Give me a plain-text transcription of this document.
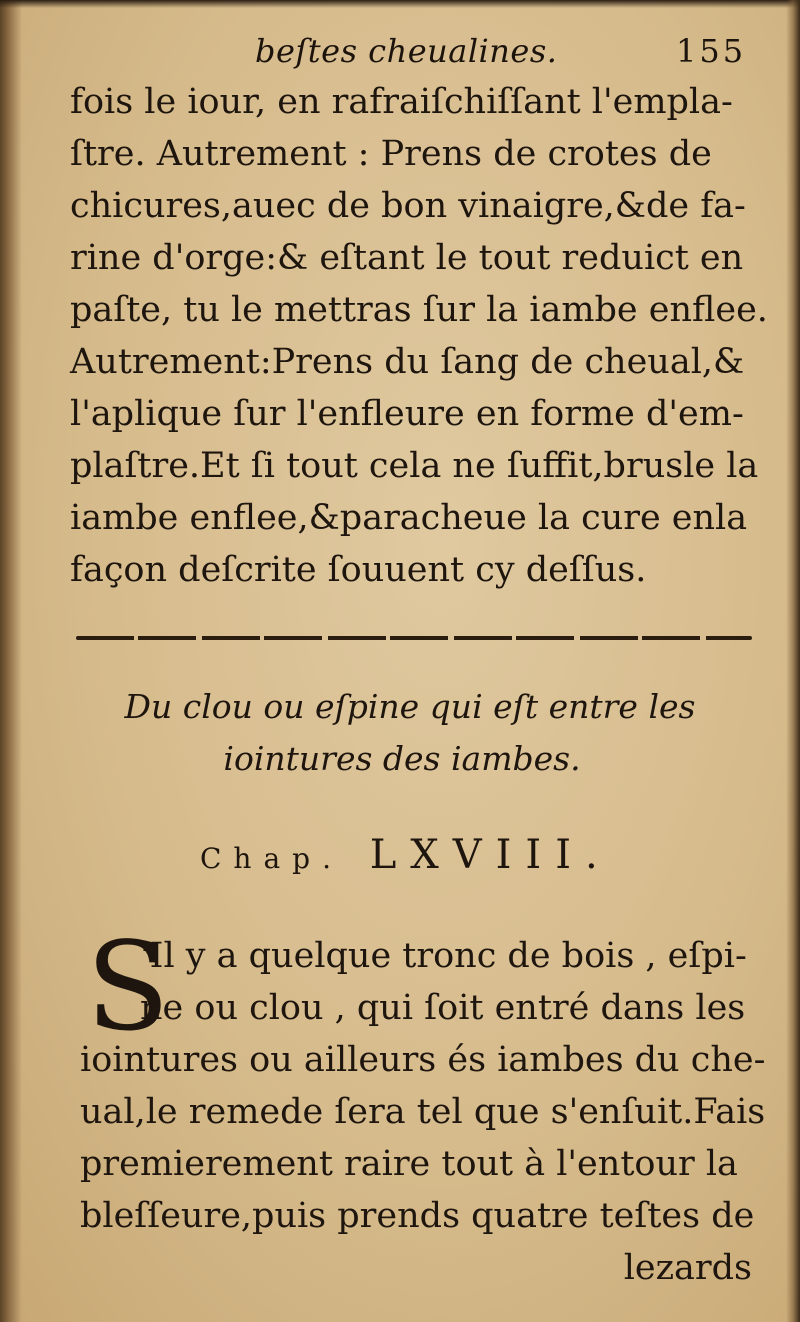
beſtes cheualines.	155
fois le iour, en rafraiſchiſſant l'empla-
ſtre. Autrement : Prens de crotes de
chicures,auec de bon vinaigre,&de fa-
rine d'orge:& eſtant le tout reduict en
paſte, tu le mettras ſur la iambe enflee.
Autrement:Prens du ſang de cheual,&
l'aplique ſur l'enfleure en forme d'em-
plaſtre.Et ſi tout cela ne ſuffit,brusle la
iambe enflee,&paracheue la cure enla
façon deſcrite ſouuent cy deſſus.
Du clou ou eſpine qui eſt entre les
iointures des iambes.
Chap. LXVIII.
S
'Il y a quelque tronc de bois , eſpi-
ne ou clou , qui ſoit entré dans les
iointures ou ailleurs és iambes du che-
ual,le remede ſera tel que s'enſuit.Fais
premierement raire tout à l'entour la
bleſſeure,puis prends quatre teſtes de
lezards
